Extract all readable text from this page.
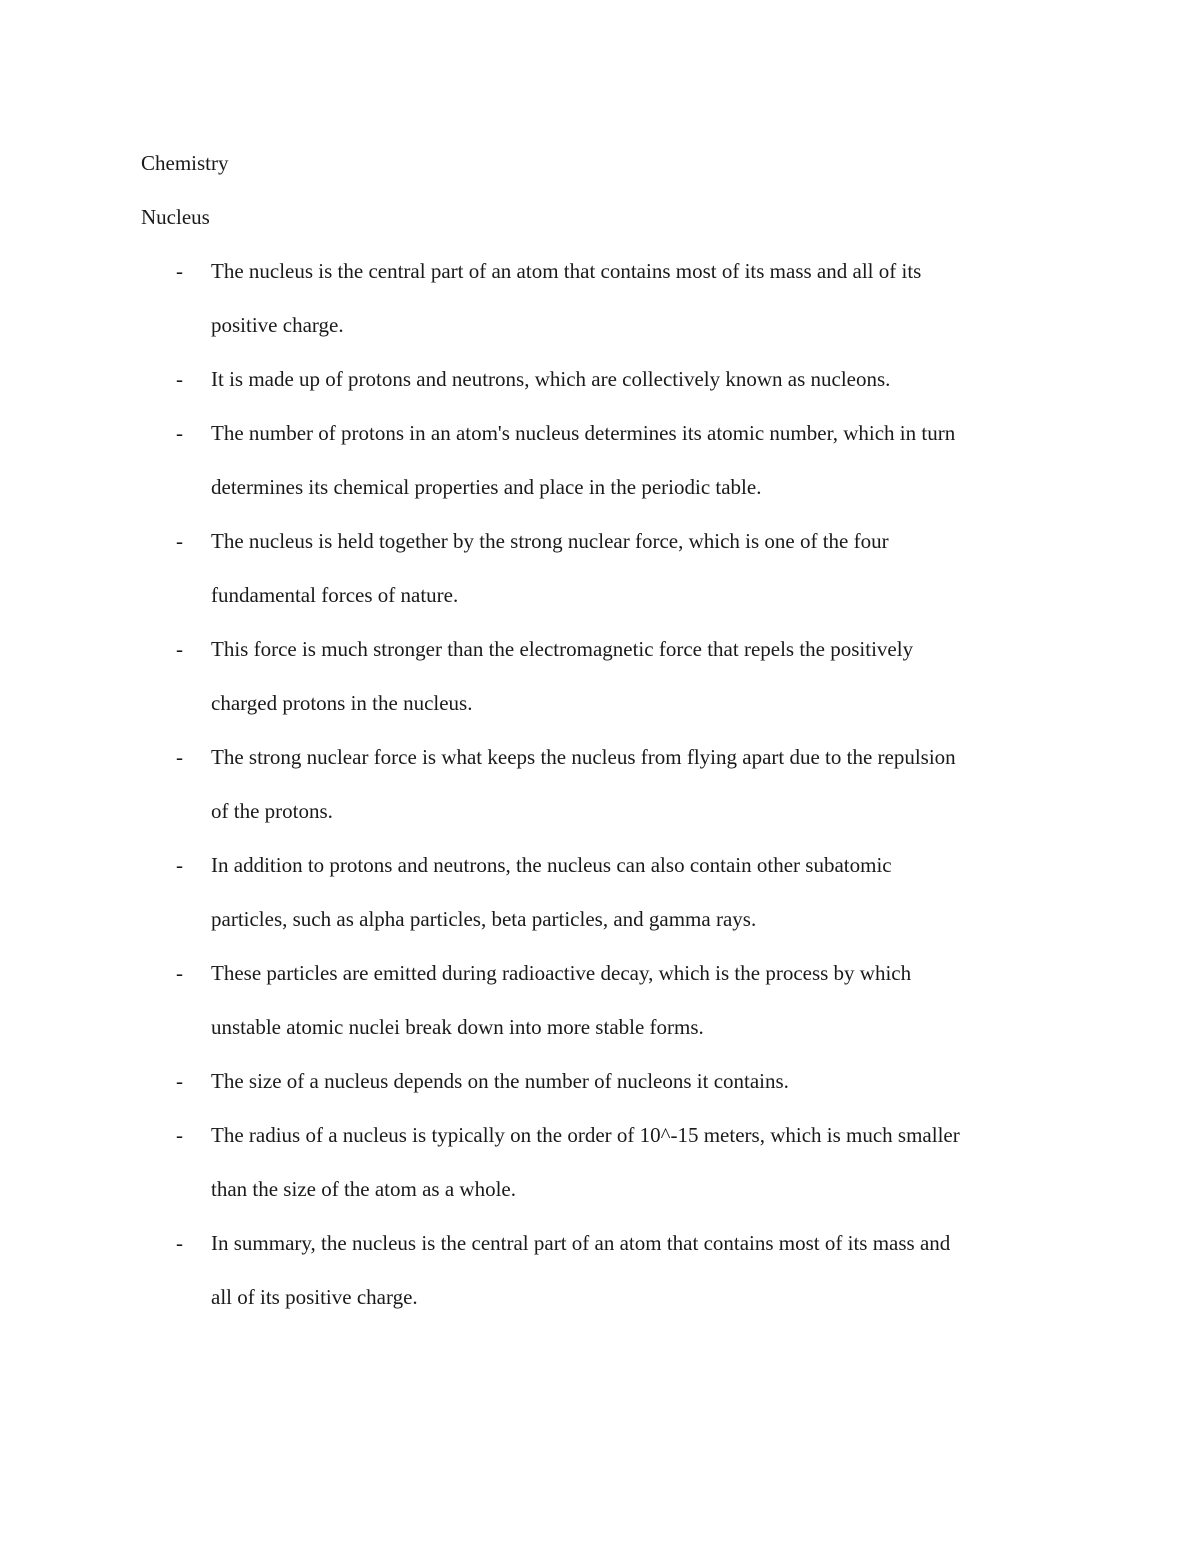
Chemistry
Nucleus
-	The nucleus is the central part of an atom that contains most of its mass and all of its
positive charge.
-	It is made up of protons and neutrons, which are collectively known as nucleons.
-	The number of protons in an atom's nucleus determines its atomic number, which in turn
determines its chemical properties and place in the periodic table.
-	The nucleus is held together by the strong nuclear force, which is one of the four
fundamental forces of nature.
-	This force is much stronger than the electromagnetic force that repels the positively
charged protons in the nucleus.
-	The strong nuclear force is what keeps the nucleus from flying apart due to the repulsion
of the protons.
-	In addition to protons and neutrons, the nucleus can also contain other subatomic
particles, such as alpha particles, beta particles, and gamma rays.
-	These particles are emitted during radioactive decay, which is the process by which
unstable atomic nuclei break down into more stable forms.
-	The size of a nucleus depends on the number of nucleons it contains.
-	The radius of a nucleus is typically on the order of 10^-15 meters, which is much smaller
than the size of the atom as a whole.
-	In summary, the nucleus is the central part of an atom that contains most of its mass and
all of its positive charge.
